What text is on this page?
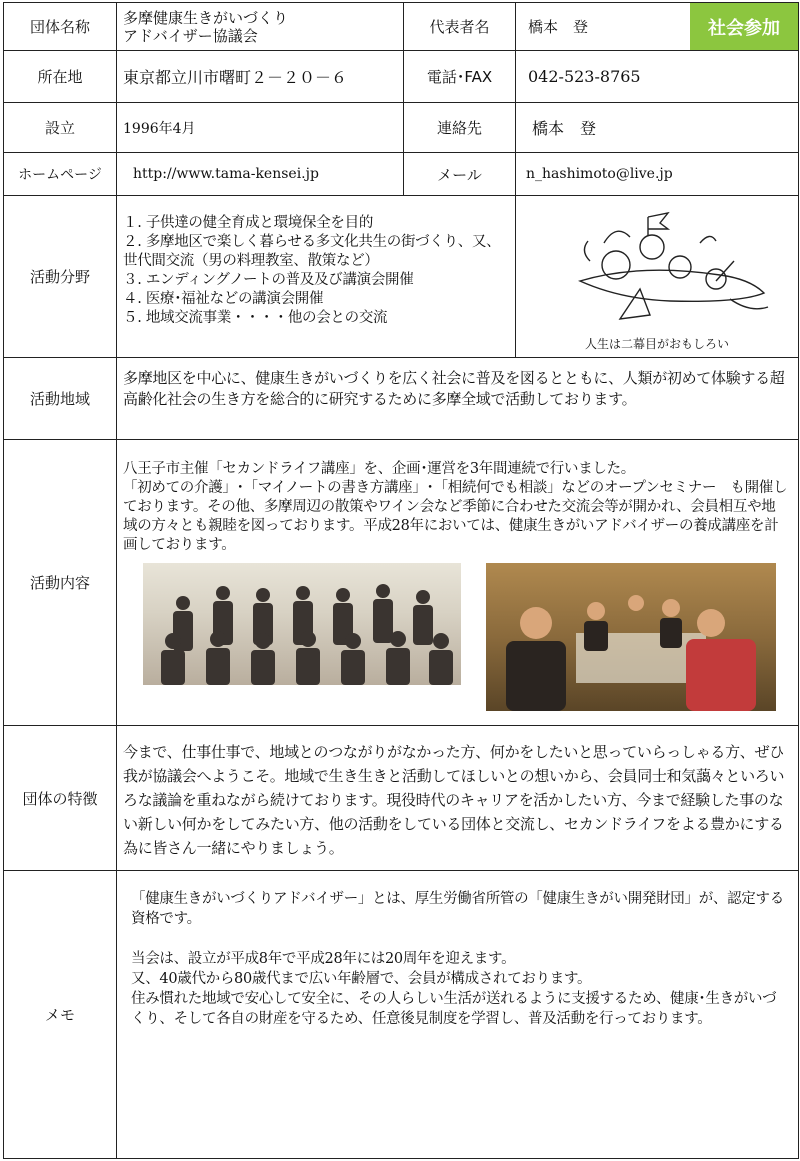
団体名称	多摩健康生きがいづくり
アドバイザー協議会	代表者名	橋本　登 社会参加

所在地	東京都立川市曙町２－２０－６	電話･FAX	042-523-8765
設立	1996年4月	連絡先	橋本　登
ホームページ	http://www.tama-kensei.jp	メール	n_hashimoto@live.jp
活動分野	１. 子供達の健全育成と環境保全を目的
２. 多摩地区で楽しく暮らせる多文化共生の街づくり、又、世代間交流（男の料理教室、散策など）
３. エンディングノートの普及及び講演会開催
４. 医療･福祉などの講演会開催
５. 地域交流事業・・・・他の会との交流		人生は二幕目がおもしろい

活動地域	多摩地区を中心に、健康生きがいづくりを広く社会に普及を図るとともに、人類が初めて体験する超高齢化社会の生き方を総合的に研究するために多摩全域で活動しております。		
活動内容	八王子市主催「セカンドライフ講座」を、企画･運営を3年間連続で行いました。
「初めての介護」･「マイノートの書き方講座」･「相続何でも相談」などのオープンセミナー　も開催しております。その他、多摩周辺の散策やワイン会など季節に合わせた交流会等が開かれ、会員相互や地域の方々とも親睦を図っております。平成28年においては、健康生きがいアドバイザーの養成講座を計画しております。		

団体の特徴	今まで、仕事仕事で、地域とのつながりがなかった方、何かをしたいと思っていらっしゃる方、ぜひ我が協議会へようこそ。地域で生き生きと活動してほしいとの想いから、会員同士和気藹々といろいろな議論を重ねながら続けております。現役時代のキャリアを活かしたい方、今まで経験した事のない新しい何かをしてみたい方、他の活動をしている団体と交流し、セカンドライフをよる豊かにする為に皆さん一緒にやりましょう。		
メモ	「健康生きがいづくりアドバイザー」とは、厚生労働省所管の「健康生きがい開発財団」が、認定する資格です。

当会は、設立が平成8年で平成28年には20周年を迎えます。
又、40歳代から80歳代まで広い年齢層で、会員が構成されております。
住み慣れた地域で安心して安全に、その人らしい生活が送れるように支援するため、健康･生きがいづくり、そして各自の財産を守るため、任意後見制度を学習し、普及活動を行っております。		
